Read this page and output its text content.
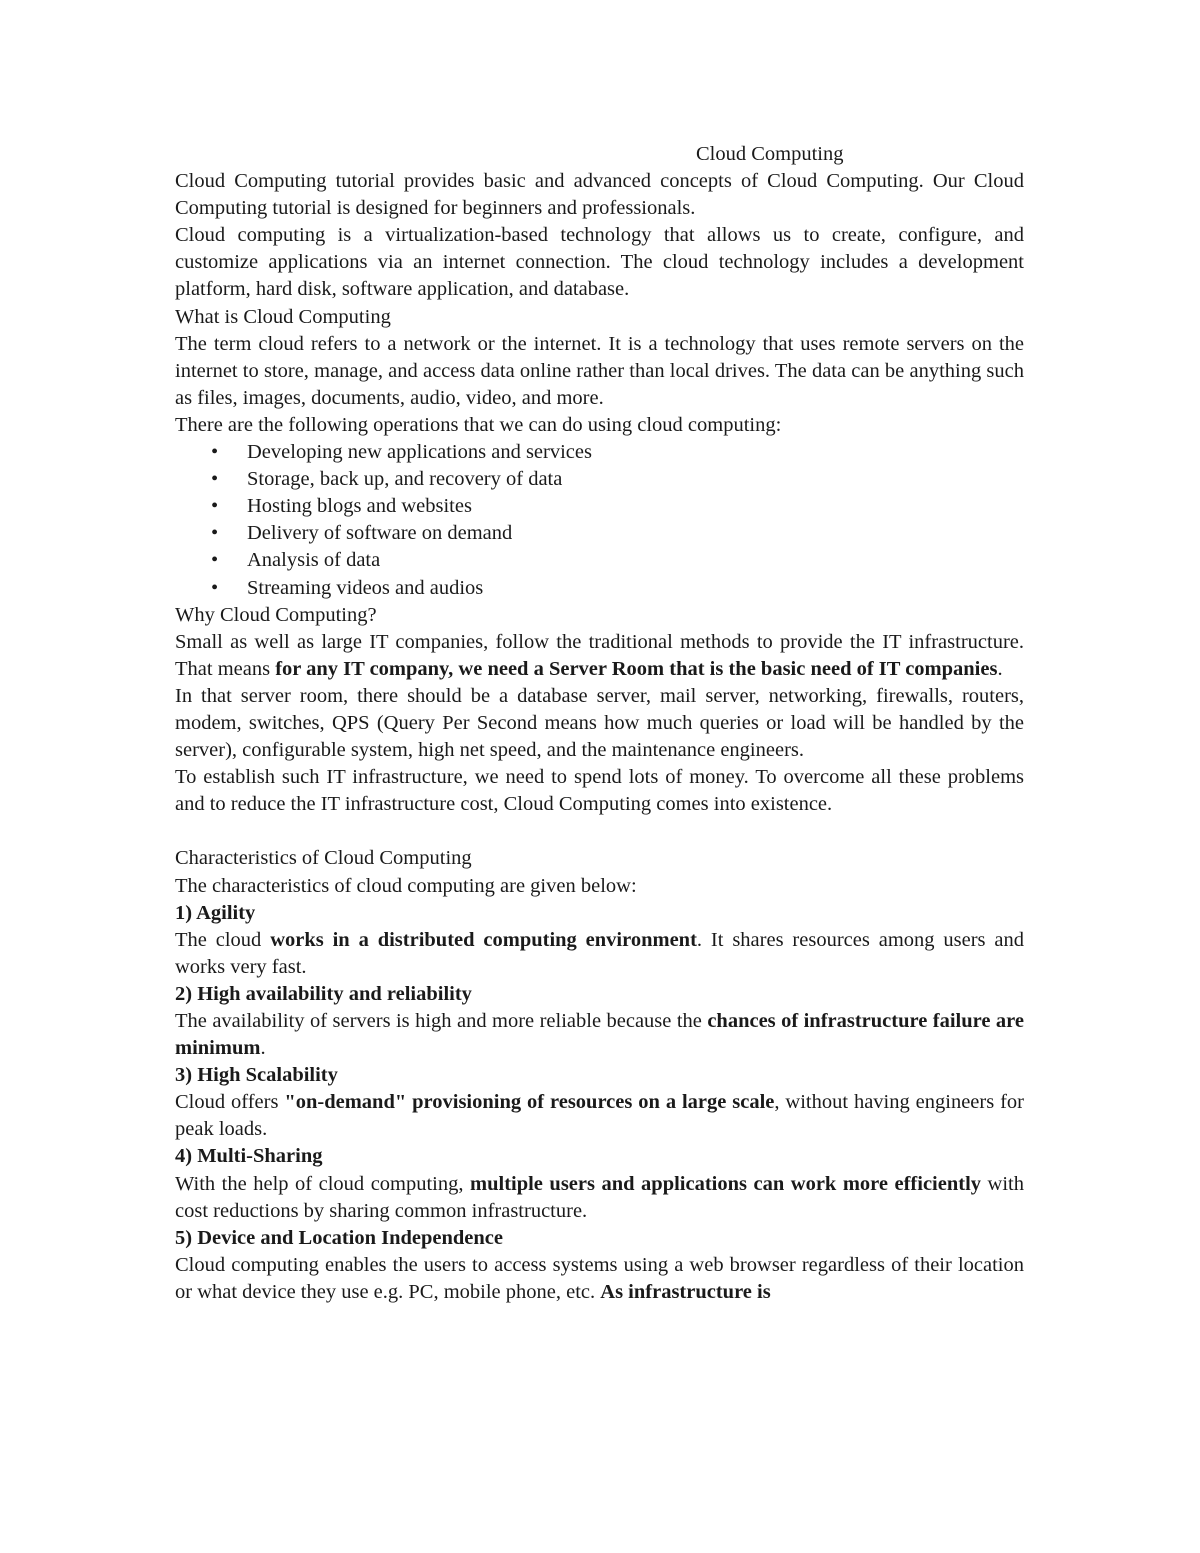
Cloud Computing

Cloud Computing tutorial provides basic and advanced concepts of Cloud Computing. Our Cloud Computing tutorial is designed for beginners and professionals.

Cloud computing is a virtualization-based technology that allows us to create, configure, and customize applications via an internet connection. The cloud technology includes a development platform, hard disk, software application, and database.

What is Cloud Computing

The term cloud refers to a network or the internet. It is a technology that uses remote servers on the internet to store, manage, and access data online rather than local drives. The data can be anything such as files, images, documents, audio, video, and more.

There are the following operations that we can do using cloud computing:

•	Developing new applications and services
•	Storage, back up, and recovery of data
•	Hosting blogs and websites
•	Delivery of software on demand
•	Analysis of data
•	Streaming videos and audios

Why Cloud Computing?

Small as well as large IT companies, follow the traditional methods to provide the IT infrastructure. That means for any IT company, we need a Server Room that is the basic need of IT companies.

In that server room, there should be a database server, mail server, networking, firewalls, routers, modem, switches, QPS (Query Per Second means how much queries or load will be handled by the server), configurable system, high net speed, and the maintenance engineers.

To establish such IT infrastructure, we need to spend lots of money. To overcome all these problems and to reduce the IT infrastructure cost, Cloud Computing comes into existence.

Characteristics of Cloud Computing

The characteristics of cloud computing are given below:

1) Agility

The cloud works in a distributed computing environment. It shares resources among users and works very fast.

2) High availability and reliability

The availability of servers is high and more reliable because the chances of infrastructure failure are minimum.

3) High Scalability

Cloud offers "on-demand" provisioning of resources on a large scale, without having engineers for peak loads.

4) Multi-Sharing

With the help of cloud computing, multiple users and applications can work more efficiently with cost reductions by sharing common infrastructure.

5) Device and Location Independence

Cloud computing enables the users to access systems using a web browser regardless of their location or what device they use e.g. PC, mobile phone, etc. As infrastructure is
